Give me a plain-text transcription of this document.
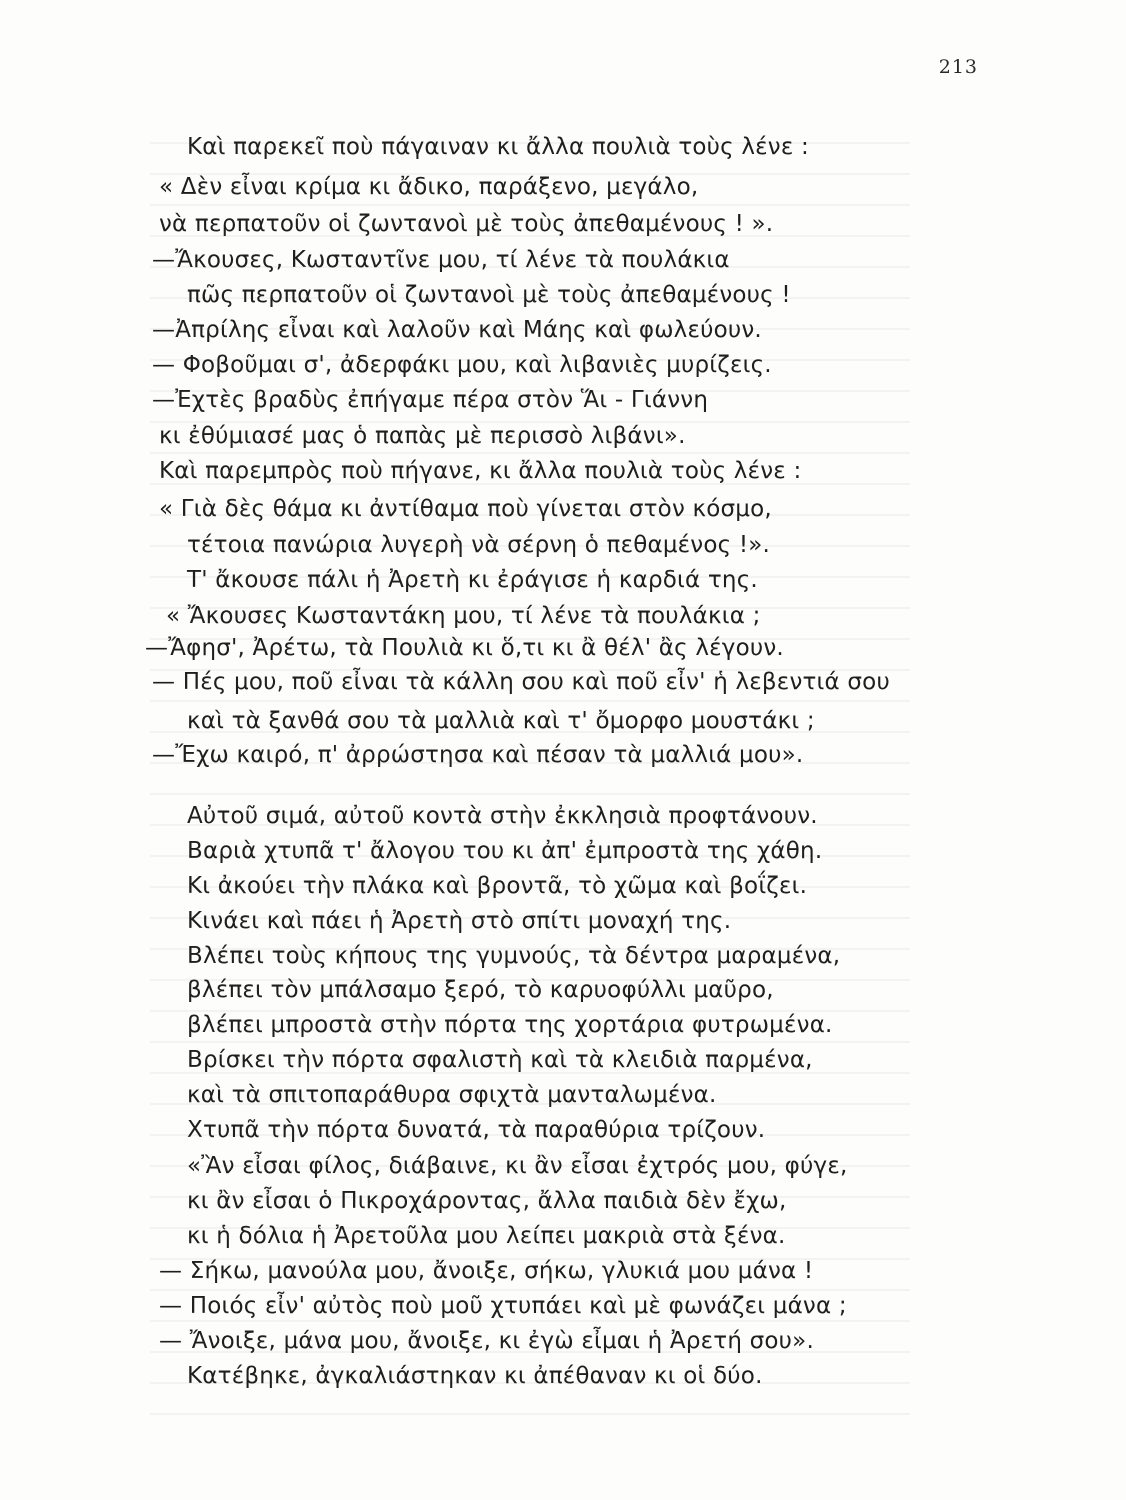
213
Καὶ παρεκεῖ ποὺ πάγαιναν κι ἄλλα πουλιὰ τοὺς λένε :
« Δὲν εἶναι κρίμα κι ἄδικο, παράξενο, μεγάλο,
νὰ περπατοῦν οἱ ζωντανοὶ μὲ τοὺς ἀπεθαμένους ! ».
—Ἄκουσες, Κωσταντῖνε μου, τί λένε τὰ πουλάκια
πῶς περπατοῦν οἱ ζωντανοὶ μὲ τοὺς ἀπεθαμένους !
—Ἀπρίλης εἶναι καὶ λαλοῦν καὶ Μάης καὶ φωλεύουν.
— Φοβοῦμαι σ', ἀδερφάκι μου, καὶ λιβανιὲς μυρίζεις.
—Ἐχτὲς βραδὺς ἐπήγαμε πέρα στὸν Ἅι - Γιάννη
κι ἐθύμιασέ μας ὁ παπὰς μὲ περισσὸ λιβάνι».
Καὶ παρεμπρὸς ποὺ πήγανε, κι ἄλλα πουλιὰ τοὺς λένε :
« Γιὰ δὲς θάμα κι ἀντίθαμα ποὺ γίνεται στὸν κόσμο,
τέτοια πανώρια λυγερὴ νὰ σέρνη ὁ πεθαμένος !».
Τ' ἄκουσε πάλι ἡ Ἀρετὴ κι ἐράγισε ἡ καρδιά της.
« Ἄκουσες Κωσταντάκη μου, τί λένε τὰ πουλάκια ;
—Ἄφησ', Ἀρέτω, τὰ Πουλιὰ κι ὅ,τι κι ἂ θέλ' ἂς λέγουν.
— Πές μου, ποῦ εἶναι τὰ κάλλη σου καὶ ποῦ εἶν' ἡ λεβεντιά σου
καὶ τὰ ξανθά σου τὰ μαλλιὰ καὶ τ' ὄμορφο μουστάκι ;
—Ἔχω καιρό, π' ἀρρώστησα καὶ πέσαν τὰ μαλλιά μου».
Αὐτοῦ σιμά, αὐτοῦ κοντὰ στὴν ἐκκλησιὰ προφτάνουν.
Βαριὰ χτυπᾶ τ' ἄλογου του κι ἀπ' ἐμπροστὰ της χάθη.
Κι ἀκούει τὴν πλάκα καὶ βροντᾶ, τὸ χῶμα καὶ βοΐζει.
Κινάει καὶ πάει ἡ Ἀρετὴ στὸ σπίτι μοναχή της.
Βλέπει τοὺς κήπους της γυμνούς, τὰ δέντρα μαραμένα,
βλέπει τὸν μπάλσαμο ξερό, τὸ καρυοφύλλι μαῦρο,
βλέπει μπροστὰ στὴν πόρτα της χορτάρια φυτρωμένα.
Βρίσκει τὴν πόρτα σφαλιστὴ καὶ τὰ κλειδιὰ παρμένα,
καὶ τὰ σπιτοπαράθυρα σφιχτὰ μανταλωμένα.
Χτυπᾶ τὴν πόρτα δυνατά, τὰ παραθύρια τρίζουν.
«Ἂν εἶσαι φίλος, διάβαινε, κι ἂν εἶσαι ἐχτρός μου, φύγε,
κι ἂν εἶσαι ὁ Πικροχάροντας, ἄλλα παιδιὰ δὲν ἔχω,
κι ἡ δόλια ἡ Ἀρετοῦλα μου λείπει μακριὰ στὰ ξένα.
— Σήκω, μανούλα μου, ἄνοιξε, σήκω, γλυκιά μου μάνα !
— Ποιός εἶν' αὐτὸς ποὺ μοῦ χτυπάει καὶ μὲ φωνάζει μάνα ;
— Ἄνοιξε, μάνα μου, ἄνοιξε, κι ἐγὼ εἶμαι ἡ Ἀρετή σου».
Κατέβηκε, ἀγκαλιάστηκαν κι ἀπέθαναν κι οἱ δύο.
